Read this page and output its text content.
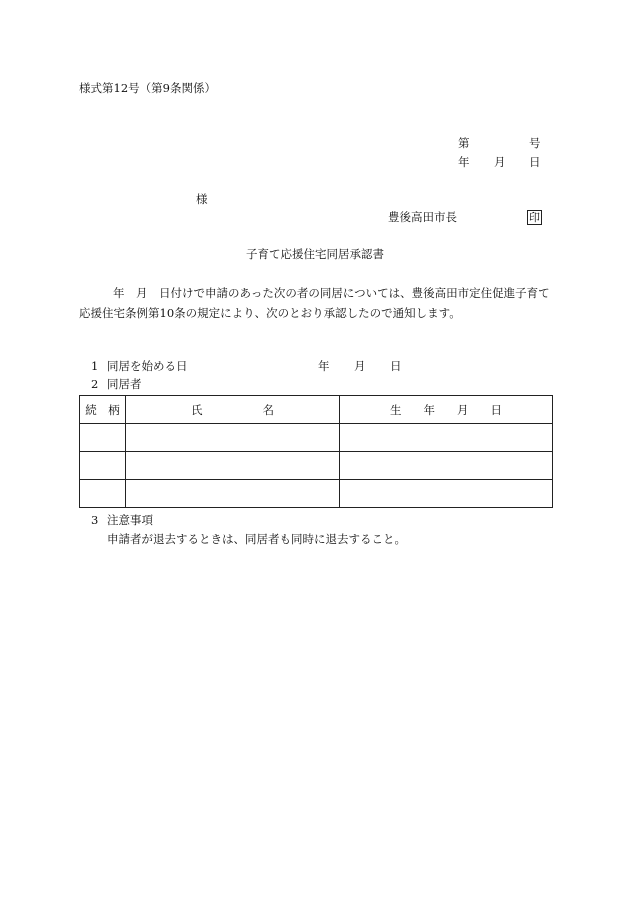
様式第12号（第9条関係）
第	号
年 月 日
様
豊後高田市長	印
子育て応援住宅同居承認書
年　月　日付けで申請のあった次の者の同居については、豊後高田市定住促進子育て応援住宅条例第10条の規定により、次のとおり承認したので通知します。
1 同居を始める日	年 月 日
2 同居者
続　柄	氏 名	生 年 月 日

3 注意事項
申請者が退去するときは、同居者も同時に退去すること。
